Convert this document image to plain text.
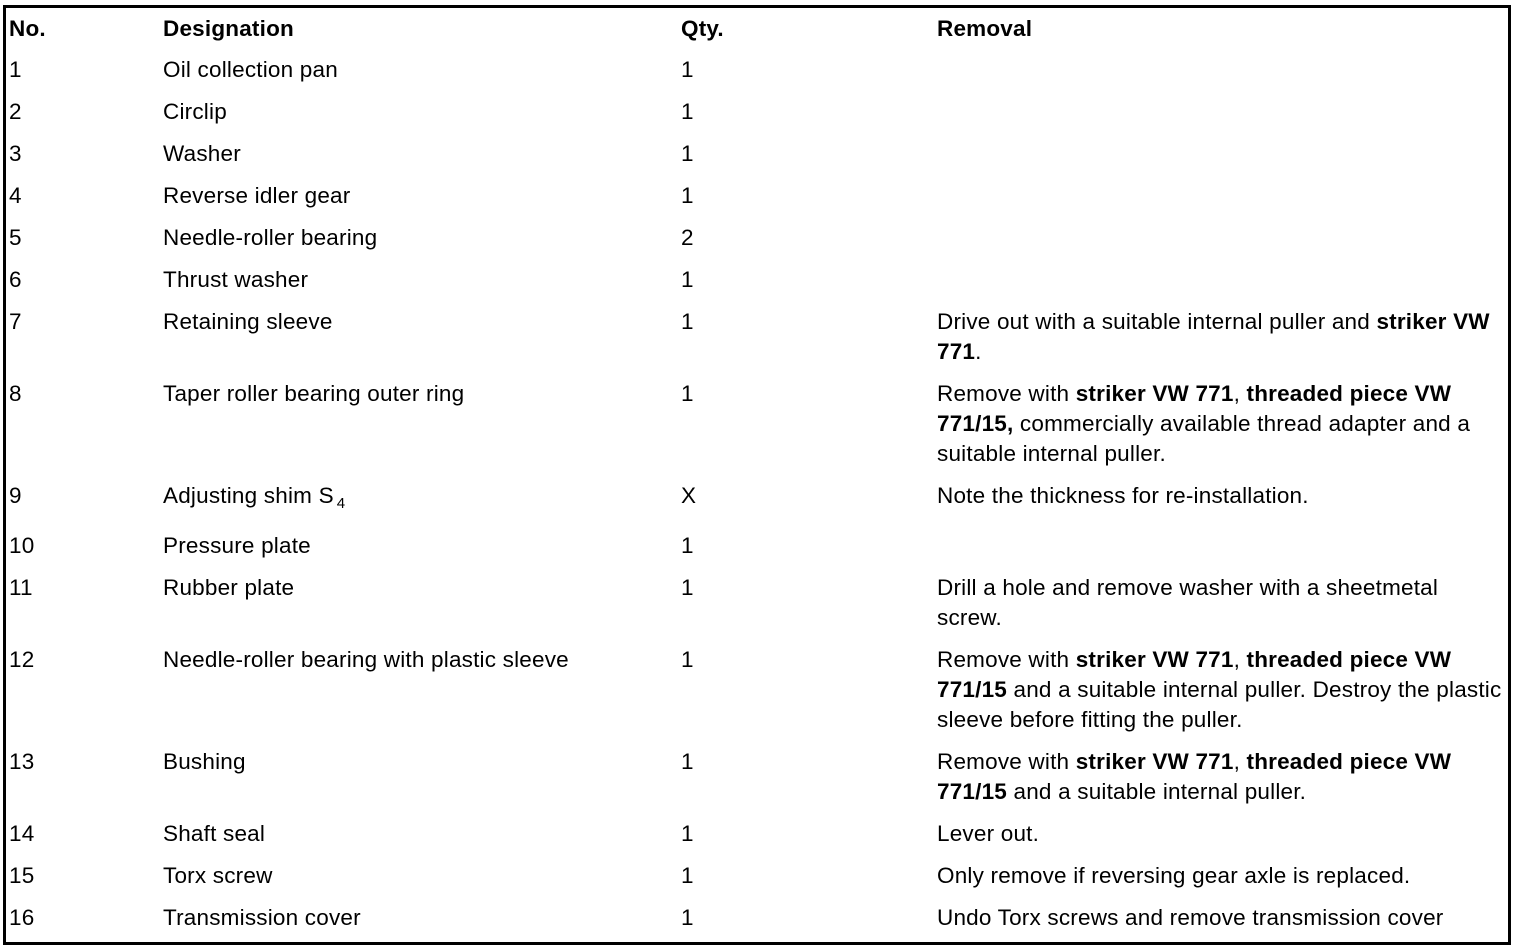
No.	Designation	Qty.	Removal
1	Oil collection pan	1	
2	Circlip	1	
3	Washer	1	
4	Reverse idler gear	1	
5	Needle-roller bearing	2	
6	Thrust washer	1	
7	Retaining sleeve	1	Drive out with a suitable internal puller and striker VW 771.
8	Taper roller bearing outer ring	1	Remove with striker VW 771, threaded piece VW 771/15, commercially available thread adapter and a suitable internal puller.
9	Adjusting shim S $_4$	X	Note the thickness for re-installation.
10	Pressure plate	1	
11	Rubber plate	1	Drill a hole and remove washer with a sheetmetal screw.
12	Needle-roller bearing with plastic sleeve	1	Remove with striker VW 771, threaded piece VW 771/15 and a suitable internal puller. Destroy the plastic sleeve before fitting the puller.
13	Bushing	1	Remove with striker VW 771, threaded piece VW 771/15 and a suitable internal puller.
14	Shaft seal	1	Lever out.
15	Torx screw	1	Only remove if reversing gear axle is replaced.
16	Transmission cover	1	Undo Torx screws and remove transmission cover
